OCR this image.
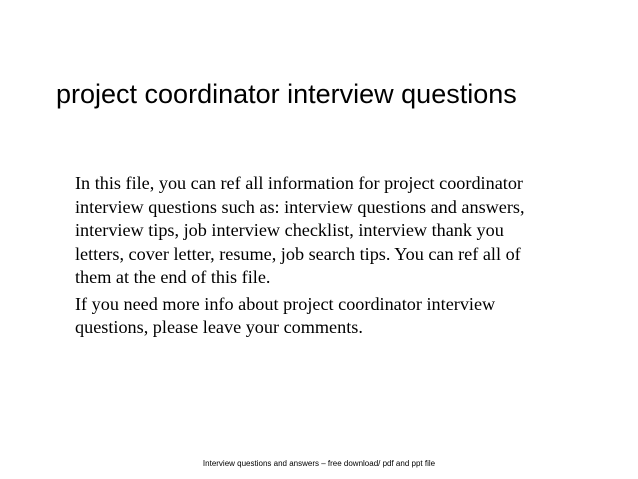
project coordinator interview questions

In this file, you can ref all information for project coordinator
interview questions such as: interview questions and answers,
interview tips, job interview checklist, interview thank you
letters, cover letter, resume, job search tips. You can ref all of
them at the end of this file.

If you need more info about project coordinator interview
questions, please leave your comments.

Interview questions and answers – free download/ pdf and ppt file
